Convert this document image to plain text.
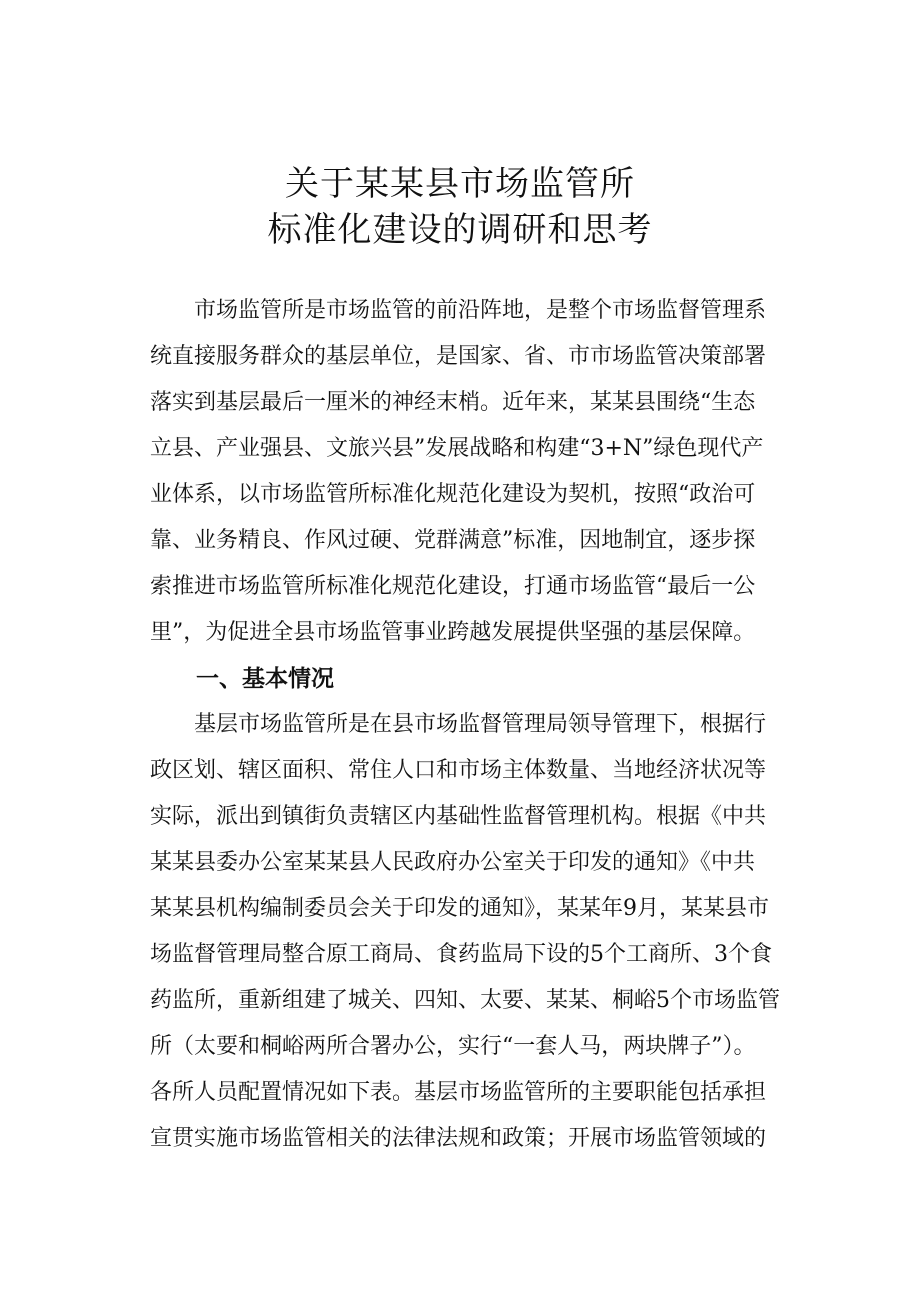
关于某某县市场监管所
标准化建设的调研和思考
　　市场监管所是市场监管的前沿阵地，是整个市场监督管理系
统直接服务群众的基层单位，是国家、省、市市场监管决策部署
落实到基层最后一厘米的神经末梢。近年来，某某县围绕“生态
立县、产业强县、文旅兴县”发展战略和构建“3+N”绿色现代产
业体系，以市场监管所标准化规范化建设为契机，按照“政治可
靠、业务精良、作风过硬、党群满意”标准，因地制宜，逐步探
索推进市场监管所标准化规范化建设，打通市场监管“最后一公
里”，为促进全县市场监管事业跨越发展提供坚强的基层保障。
一、基本情况
　　基层市场监管所是在县市场监督管理局领导管理下，根据行
政区划、辖区面积、常住人口和市场主体数量、当地经济状况等
实际，派出到镇街负责辖区内基础性监督管理机构。根据《中共
某某县委办公室某某县人民政府办公室关于印发的通知》《中共
某某县机构编制委员会关于印发的通知》，某某年9月，某某县市
场监督管理局整合原工商局、食药监局下设的5个工商所、3个食
药监所，重新组建了城关、四知、太要、某某、桐峪5个市场监管
所（太要和桐峪两所合署办公，实行“一套人马，两块牌子”）。
各所人员配置情况如下表。基层市场监管所的主要职能包括承担
宣贯实施市场监管相关的法律法规和政策；开展市场监管领域的
